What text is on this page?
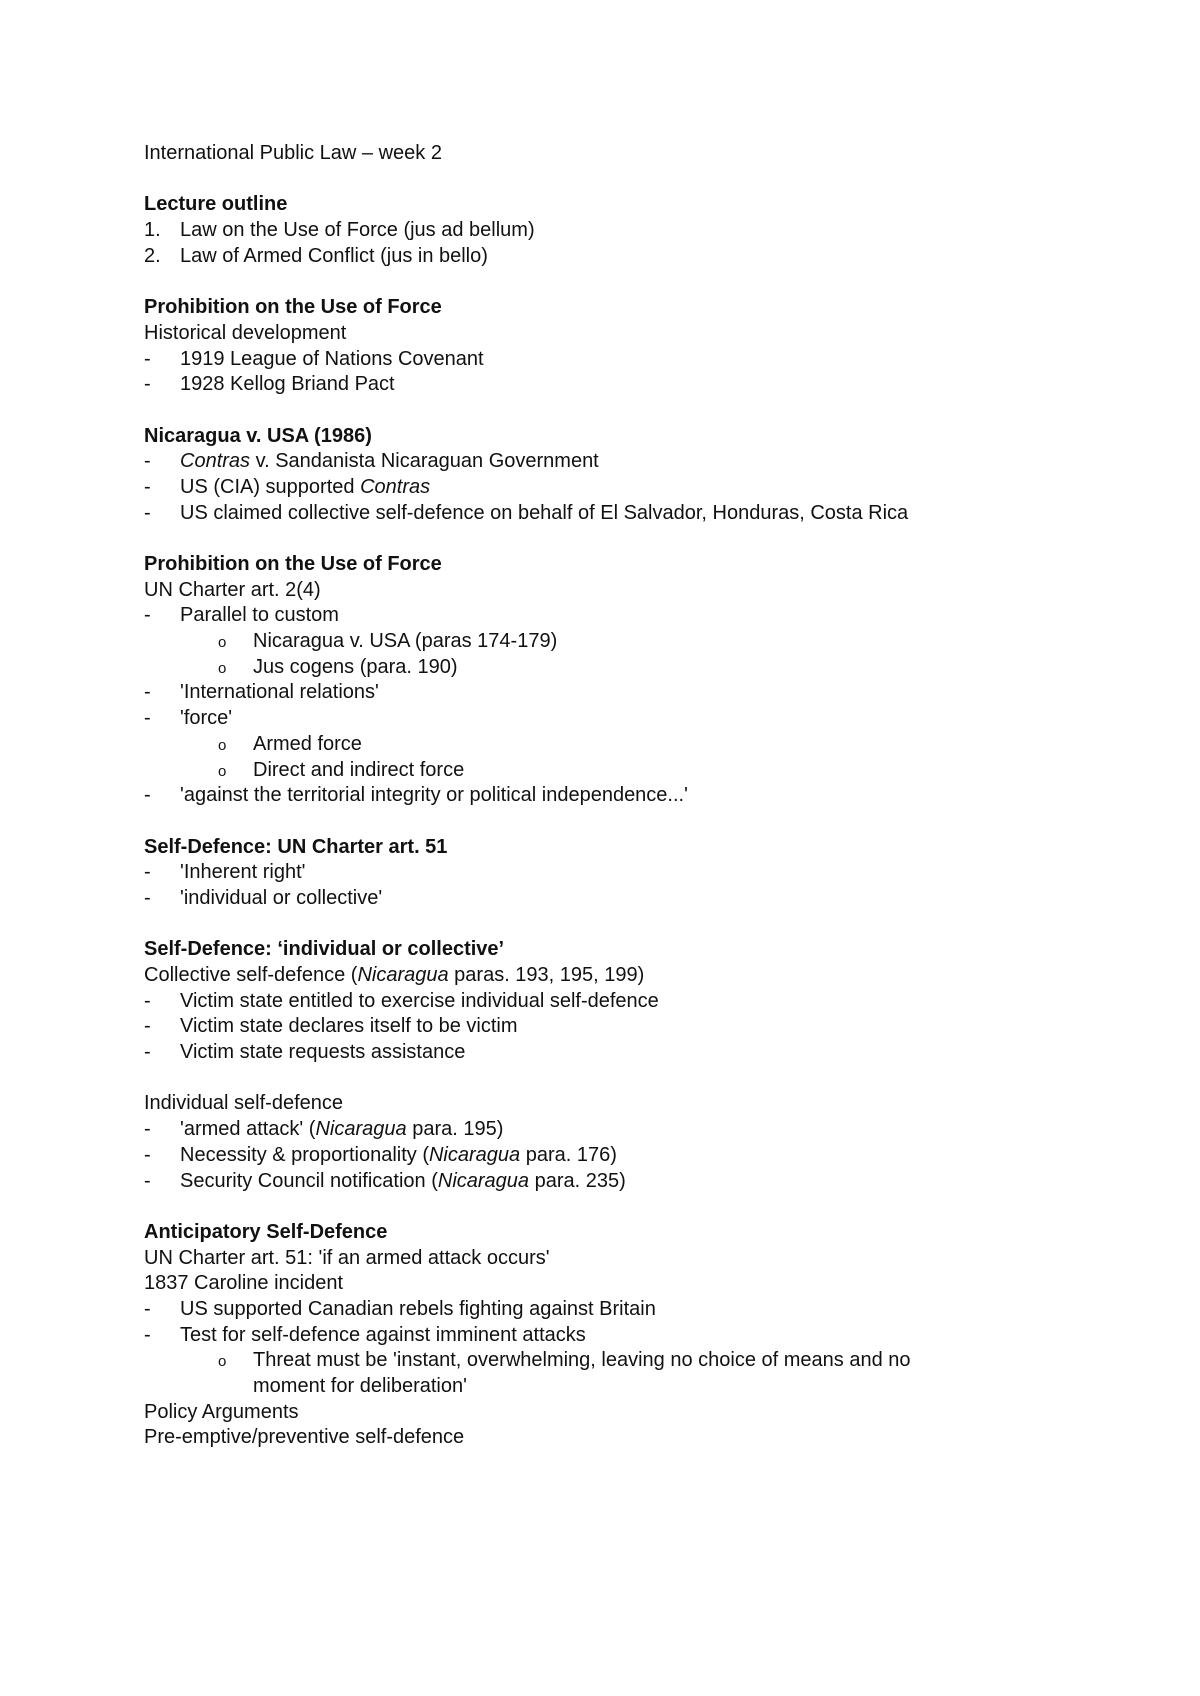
International Public Law – week 2
Lecture outline
1. Law on the Use of Force (jus ad bellum)
2. Law of Armed Conflict (jus in bello)
Prohibition on the Use of Force
Historical development
- 1919 League of Nations Covenant
- 1928 Kellog Briand Pact
Nicaragua v. USA (1986)
- Contras v. Sandanista Nicaraguan Government
- US (CIA) supported Contras
- US claimed collective self-defence on behalf of El Salvador, Honduras, Costa Rica
Prohibition on the Use of Force
UN Charter art. 2(4)
- Parallel to custom
o Nicaragua v. USA (paras 174-179)
o Jus cogens (para. 190)
- 'International relations'
- 'force'
o Armed force
o Direct and indirect force
- 'against the territorial integrity or political independence...'
Self-Defence: UN Charter art. 51
- 'Inherent right'
- 'individual or collective'
Self-Defence: ‘individual or collective’
Collective self-defence (Nicaragua paras. 193, 195, 199)
- Victim state entitled to exercise individual self-defence
- Victim state declares itself to be victim
- Victim state requests assistance
Individual self-defence
- 'armed attack' (Nicaragua para. 195)
- Necessity & proportionality (Nicaragua para. 176)
- Security Council notification (Nicaragua para. 235)
Anticipatory Self-Defence
UN Charter art. 51: 'if an armed attack occurs'
1837 Caroline incident
- US supported Canadian rebels fighting against Britain
- Test for self-defence against imminent attacks
o Threat must be 'instant, overwhelming, leaving no choice of means and no
moment for deliberation'
Policy Arguments
Pre-emptive/preventive self-defence
